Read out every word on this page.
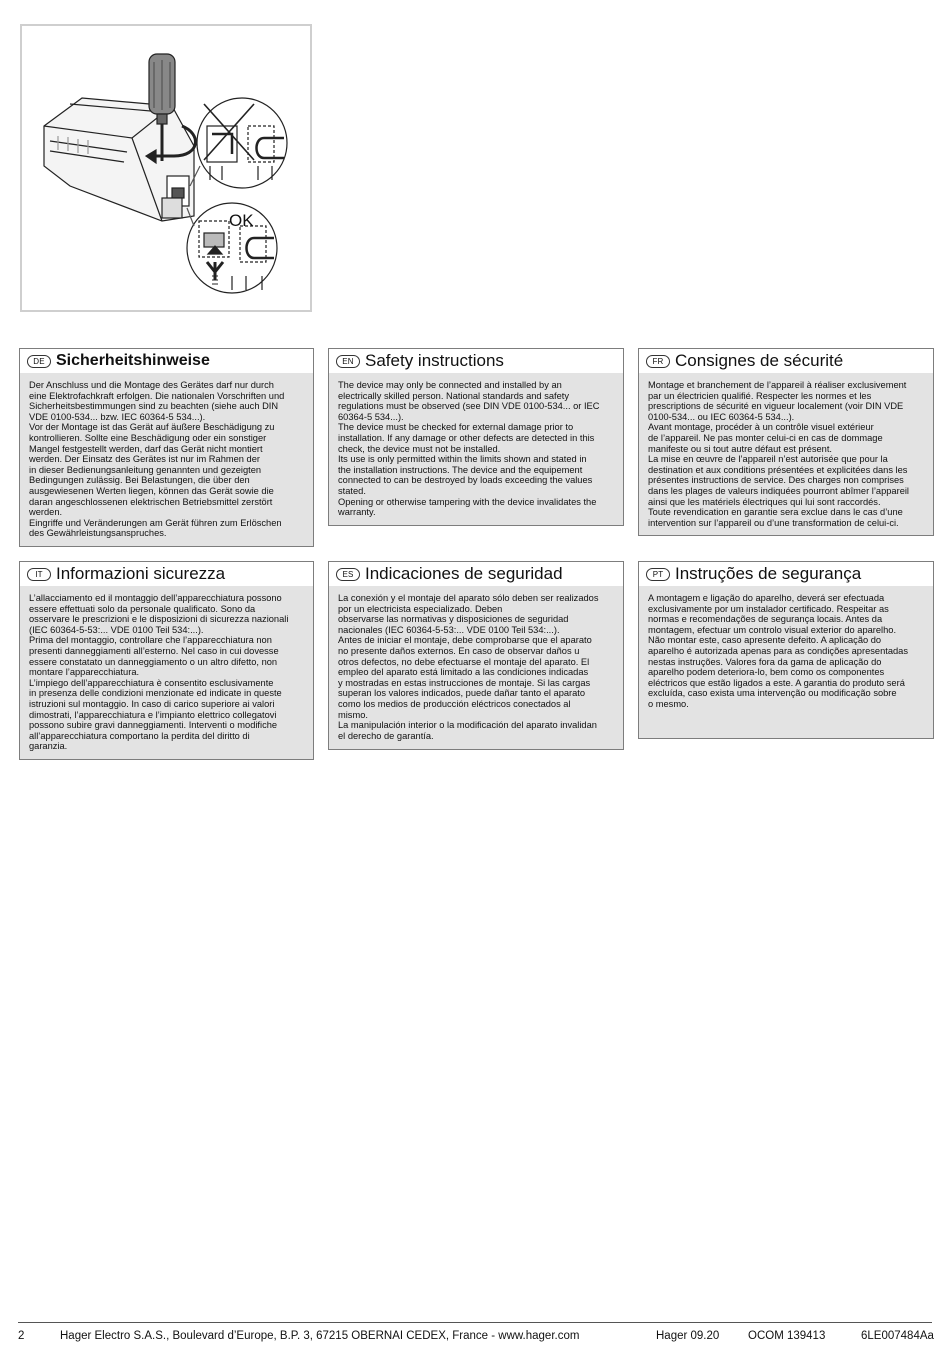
OK
DE Sicherheitshinweise
Der Anschluss und die Montage des Gerätes darf nur durch
eine Elektrofachkraft erfolgen. Die nationalen Vorschriften und
Sicherheitsbestimmungen sind zu beachten (siehe auch DIN
VDE 0100-534... bzw. IEC 60364-5 534...).
Vor der Montage ist das Gerät auf äußere Beschädigung zu
kontrollieren. Sollte eine Beschädigung oder ein sonstiger
Mangel festgestellt werden, darf das Gerät nicht montiert
werden. Der Einsatz des Gerätes ist nur im Rahmen der
in dieser Bedienungsanleitung genannten und gezeigten
Bedingungen zulässig. Bei Belastungen, die über den
ausgewiesenen Werten liegen, können das Gerät sowie die
daran angeschlossenen elektrischen Betriebsmittel zerstört
werden.
Eingriffe und Veränderungen am Gerät führen zum Erlöschen
des Gewährleistungsanspruches.
EN Safety instructions
The device may only be connected and installed by an
electrically skilled person. National standards and safety
regulations must be observed (see DIN VDE 0100-534... or IEC
60364-5 534...).
The device must be checked for external damage prior to
installation. If any damage or other defects are detected in this
check, the device must not be installed.
Its use is only permitted within the limits shown and stated in
the installation instructions. The device and the equipement
connected to can be destroyed by loads exceeding the values
stated.
Opening or otherwise tampering with the device invalidates the
warranty.
FR Consignes de sécurité
Montage et branchement de l’appareil à réaliser exclusivement
par un électricien qualifié. Respecter les normes et les
prescriptions de sécurité en vigueur localement (voir DIN VDE
0100-534... ou IEC 60364-5 534...).
Avant montage, procéder à un contrôle visuel extérieur
de l’appareil. Ne pas monter celui-ci en cas de dommage
manifeste ou si tout autre défaut est présent.
La mise en œuvre de l’appareil n’est autorisée que pour la
destination et aux conditions présentées et explicitées dans les
présentes instructions de service. Des charges non comprises
dans les plages de valeurs indiquées pourront abîmer l’appareil
ainsi que les matériels électriques qui lui sont raccordés.
Toute revendication en garantie sera exclue dans le cas d’une
intervention sur l’appareil ou d’une transformation de celui-ci.
IT Informazioni sicurezza
L’allacciamento ed il montaggio dell’apparecchiatura possono
essere effettuati solo da personale qualificato. Sono da
osservare le prescrizioni e le disposizioni di sicurezza nazionali
(IEC 60364-5-53:... VDE 0100 Teil 534:...).
Prima del montaggio, controllare che l’apparecchiatura non
presenti danneggiamenti all’esterno. Nel caso in cui dovesse
essere constatato un danneggiamento o un altro difetto, non
montare l’apparecchiatura.
L’impiego dell’apparecchiatura è consentito esclusivamente
in presenza delle condizioni menzionate ed indicate in queste
istruzioni sul montaggio. In caso di carico superiore ai valori
dimostrati, l’apparecchiatura e l’impianto elettrico collegatovi
possono subire gravi danneggiamenti. Interventi o modifiche
all’apparecchiatura comportano la perdita del diritto di
garanzia.
ES Indicaciones de seguridad
La conexión y el montaje del aparato sólo deben ser realizados
por un electricista especializado. Deben
observarse las normativas y disposiciones de seguridad
nacionales (IEC 60364-5-53:... VDE 0100 Teil 534:...).
Antes de iniciar el montaje, debe comprobarse que el aparato
no presente daños externos. En caso de observar daños u
otros defectos, no debe efectuarse el montaje del aparato. El
empleo del aparato está limitado a las condiciones indicadas
y mostradas en estas instrucciones de montaje. Si las cargas
superan los valores indicados, puede dañar tanto el aparato
como los medios de producción eléctricos conectados al
mismo.
La manipulación interior o la modificación del aparato invalidan
el derecho de garantía.
PT Instruções de segurança
A montagem e ligação do aparelho, deverá ser efectuada
exclusivamente por um instalador certificado. Respeitar as
normas e recomendações de segurança locais. Antes da
montagem, efectuar um controlo visual exterior do aparelho.
Não montar este, caso apresente defeito. A aplicação do
aparelho é autorizada apenas para as condições apresentadas
nestas instruções. Valores fora da gama de aplicação do
aparelho podem deteriora-lo, bem como os componentes
eléctricos que estão ligados a este. A garantia do produto será
excluída, caso exista uma intervenção ou modificação sobre
o mesmo.
2	Hager Electro S.A.S., Boulevard d’Europe, B.P. 3, 67215 OBERNAI CEDEX, France - www.hager.com	Hager 09.20 OCOM 139413	6LE007484Aa
